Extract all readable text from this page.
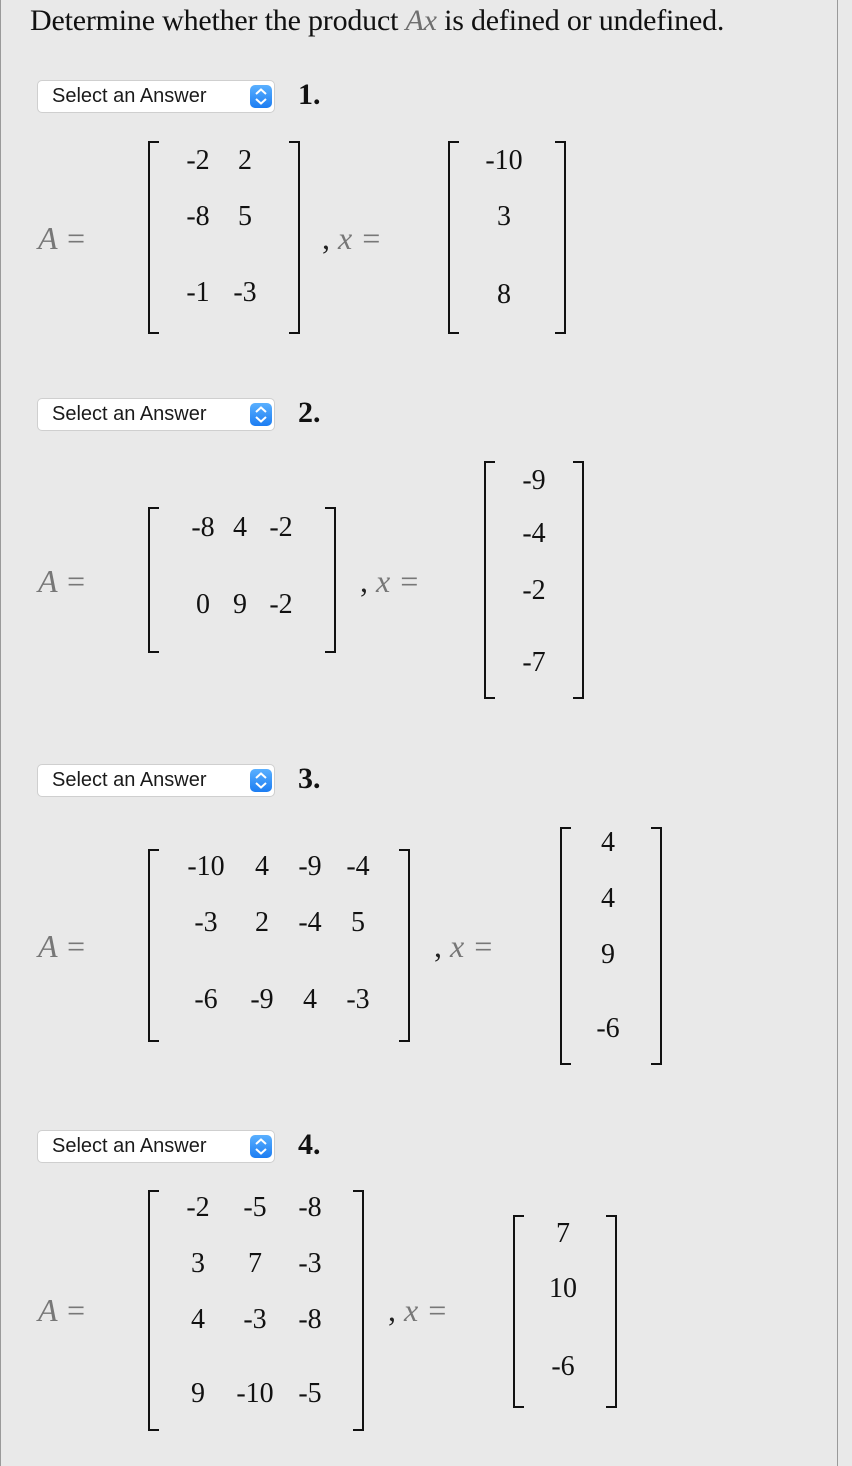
Determine whether the product Ax is defined or undefined.
Select an Answer	1.
A =
-2 2
-8 5
-1 -3
, x =
-10
3
8
Select an Answer	2.
A =
-8 4 -2
0 9 -2
, x =
-9
-4
-2
-7
Select an Answer	3.
A =
-10 4 -9 -4
-3 2 -4 5
-6 -9 4 -3
, x =
4
4
9
-6
Select an Answer	4.
A =
-2 -5 -8
3 7 -3
4 -3 -8
9 -10 -5
, x =
7
10
-6
